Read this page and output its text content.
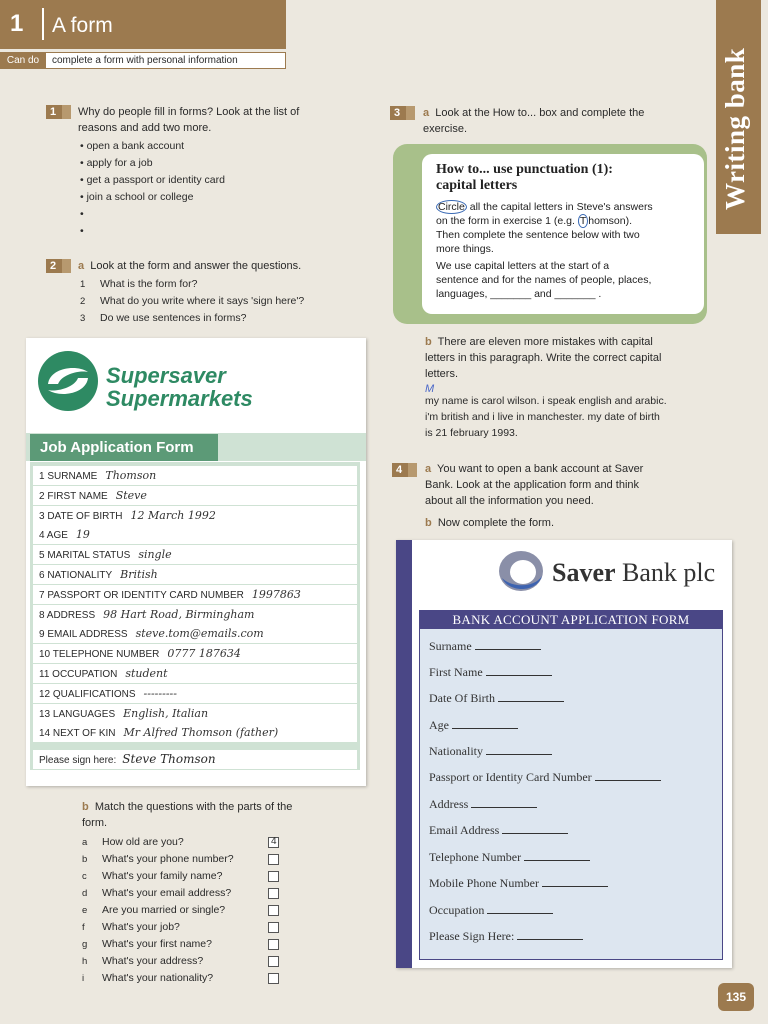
1 A form
Can do	complete a form with personal information	Writing bank
1	Why do people fill in forms? Look at the list of
reasons and add two more.
• open a bank account
• apply for a job
• get a passport or identity card
• join a school or college
•
•
2	a Look at the form and answer the questions.
1 What is the form for?
2 What do you write where it says 'sign here'?
3 Do we use sentences in forms?
Supersaver
Supermarkets
Job Application Form
1 SURNAME Thomson
2 FIRST NAME Steve
3 DATE OF BIRTH 12 March 1992
4 AGE 19
5 MARITAL STATUS single
6 NATIONALITY British
7 PASSPORT OR IDENTITY CARD NUMBER 1997863
8 ADDRESS 98 Hart Road, Birmingham
9 EMAIL ADDRESS steve.tom@emails.com
10 TELEPHONE NUMBER 0777 187634
11 OCCUPATION student
12 QUALIFICATIONS ---------
13 LANGUAGES English, Italian
14 NEXT OF KIN Mr Alfred Thomson (father)
Please sign here: Steve Thomson
b Match the questions with the parts of the
form.
a How old are you?
b What's your phone number?
c What's your family name?
d What's your email address?
e Are you married or single?
f What's your job?
g What's your first name?
h What's your address?
i What's your nationality?
4
3	a Look at the How to... box and complete the
exercise.
How to... use punctuation (1):
capital letters
Circle all the capital letters in Steve's answers
on the form in exercise 1 (e.g. T homson).
Then complete the sentence below with two
more things.
We use capital letters at the start of a
sentence and for the names of people, places,
languages, _______ and _______ .
b There are eleven more mistakes with capital
letters in this paragraph. Write the correct capital
letters.
M
my name is carol wilson. i speak english and arabic.
i'm british and i live in manchester. my date of birth
is 21 february 1993.
4	a You want to open a bank account at Saver
Bank. Look at the application form and think
about all the information you need.
b Now complete the form.
Saver Bank plc
BANK ACCOUNT APPLICATION FORM
Surname
First Name
Date Of Birth
Age
Nationality
Passport or Identity Card Number
Address
Email Address
Telephone Number
Mobile Phone Number
Occupation
Please Sign Here:
135
